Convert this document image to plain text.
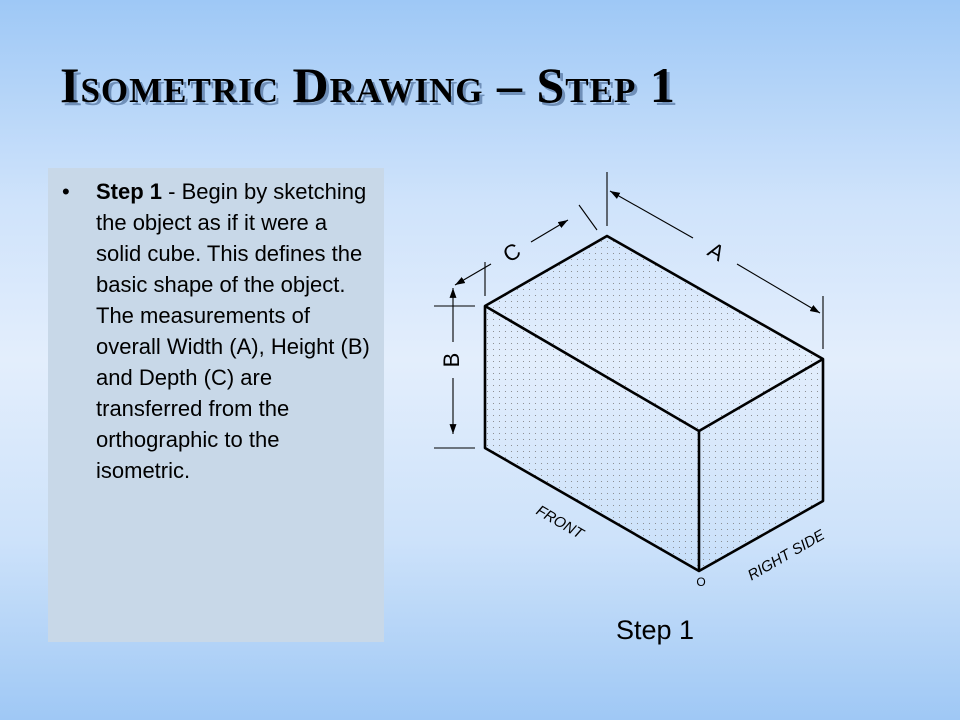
Isometric Drawing – Step 1
•	Step 1 - Begin by sketching the object as if it were a solid cube. This defines the basic shape of the object. The measurements of overall Width (A), Height (B) and Depth (C) are transferred from the orthographic to the isometric.
A
B
C
FRONT
RIGHT SIDE
O
Step 1
